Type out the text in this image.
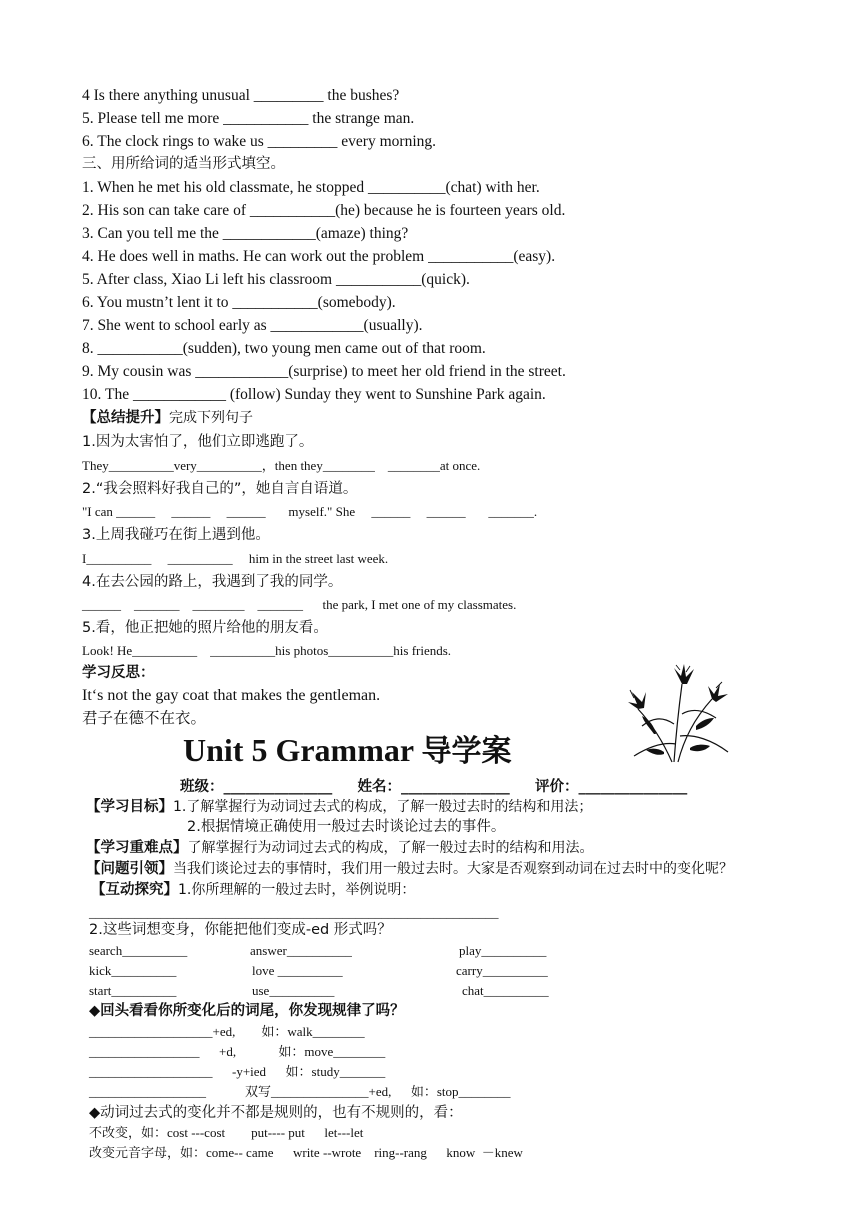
4 Is there anything unusual _________ the bushes?
5. Please tell me more ___________ the strange man.
6. The clock rings to wake us _________ every morning.
三、用所给词的适当形式填空。
1. When he met his old classmate, he stopped __________(chat) with her.
2. His son can take care of ___________(he) because he is fourteen years old.
3. Can you tell me the ____________(amaze) thing?
4. He does well in maths. He can work out the problem ___________(easy).
5. After class, Xiao Li left his classroom ___________(quick).
6. You mustn’t lent it to ___________(somebody).
7. She went to school early as ____________(usually).
8. ___________(sudden), two young men came out of that room.
9. My cousin was ____________(surprise) to meet her old friend in the street.
10. The ____________ (follow) Sunday they went to Sunshine Park again.
【总结提升】完成下列句子
1.因为太害怕了，他们立即逃跑了。
They__________very__________，then they________    ________at once.
2.“我会照料好我自己的”，她自言自语道。
"I can ______     ______     ______       myself." She     ______     ______       _______.
3.上周我碰巧在街上遇到他。
I__________     __________     him in the street last week.
4.在去公园的路上，我遇到了我的同学。
______    _______    ________    _______      the park, I met one of my classmates.
5.看，他正把她的照片给他的朋友看。
Look! He__________    __________his photos__________his friends.
学习反思：
It‘s not the gay coat that makes the gentleman.
君子在德不在衣。
Unit 5 Grammar 导学案
班级：_______________     姓名：_______________     评价：_______________
【学习目标】1.了解掌握行为动词过去式的构成，了解一般过去时的结构和用法；
2.根据情境正确使用一般过去时谈论过去的事件。
【学习重难点】了解掌握行为动词过去式的构成，了解一般过去时的结构和用法。
【问题引领】当我们谈论过去的事情时，我们用一般过去时。大家是否观察到动词在过去时中的变化呢？
【互动探究】1.你所理解的一般过去时，举例说明：
_______________________________________________________________
2.这些词想变身，你能把他们变成-ed 形式吗？
search__________	answer__________	play__________
kick__________	love __________	carry__________
start__________	use__________	chat__________
◆回头看看你所变化后的词尾，你发现规律了吗？
___________________+ed,        如：walk________
_________________      +d,             如：move________
___________________      -y+ied      如：study_______
__________________            双写_______________+ed,      如：stop________
◆动词过去式的变化并不都是规则的，也有不规则的，看：
不改变，如：cost ---cost        put---- put      let---let
改变元音字母，如：come-- came      write --wrote    ring--rang      know  －knew
